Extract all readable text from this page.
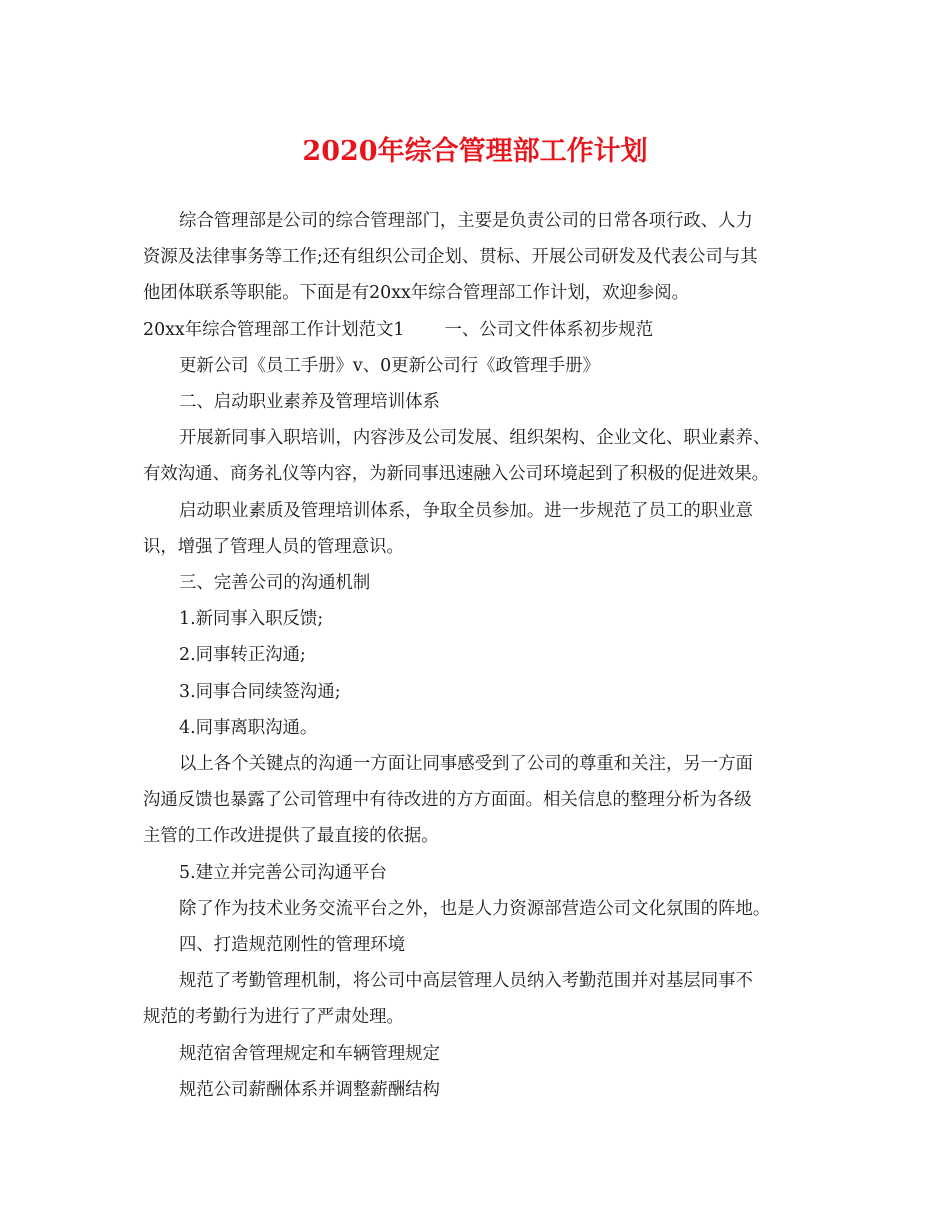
2020年综合管理部工作计划

综合管理部是公司的综合管理部门，主要是负责公司的日常各项行政、人力

资源及法律事务等工作;还有组织公司企划、贯标、开展公司研发及代表公司与其

他团体联系等职能。下面是有20xx年综合管理部工作计划，欢迎参阅。

20xx年综合管理部工作计划范文1 一、公司文件体系初步规范

更新公司《员工手册》v、0更新公司行《政管理手册》

二、启动职业素养及管理培训体系

开展新同事入职培训，内容涉及公司发展、组织架构、企业文化、职业素养、

有效沟通、商务礼仪等内容，为新同事迅速融入公司环境起到了积极的促进效果。

启动职业素质及管理培训体系，争取全员参加。进一步规范了员工的职业意

识，增强了管理人员的管理意识。

三、完善公司的沟通机制

1.新同事入职反馈;

2.同事转正沟通;

3.同事合同续签沟通;

4.同事离职沟通。

以上各个关键点的沟通一方面让同事感受到了公司的尊重和关注，另一方面

沟通反馈也暴露了公司管理中有待改进的方方面面。相关信息的整理分析为各级

主管的工作改进提供了最直接的依据。

5.建立并完善公司沟通平台

除了作为技术业务交流平台之外，也是人力资源部营造公司文化氛围的阵地。

四、打造规范刚性的管理环境

规范了考勤管理机制，将公司中高层管理人员纳入考勤范围并对基层同事不

规范的考勤行为进行了严肃处理。

规范宿舍管理规定和车辆管理规定

规范公司薪酬体系并调整薪酬结构
